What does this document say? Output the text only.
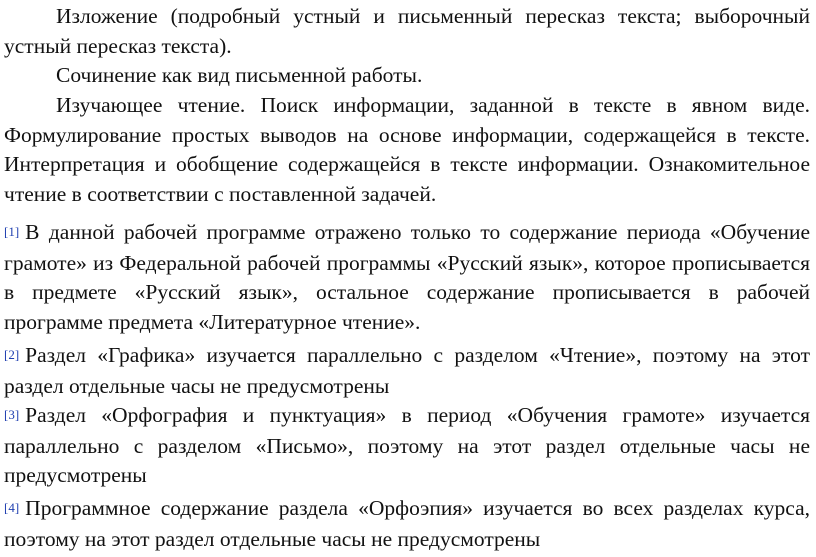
Изложение (подробный устный и письменный пересказ текста; выборочный устный пересказ текста).

Сочинение как вид письменной работы.

Изучающее чтение. Поиск информации, заданной в тексте в явном виде. Формулирование простых выводов на основе информации, содержащейся в тексте. Интерпретация и обобщение содержащейся в тексте информации. Ознакомительное чтение в соответствии с поставленной задачей.

[1] В данной рабочей программе отражено только то содержание периода «Обучение грамоте» из Федеральной рабочей программы «Русский язык», которое прописывается в предмете «Русский язык», остальное содержание прописывается в рабочей программе предмета «Литературное чтение».

[2] Раздел «Графика» изучается параллельно с разделом «Чтение», поэтому на этот раздел отдельные часы не предусмотрены

[3] Раздел «Орфография и пунктуация» в период «Обучения грамоте» изучается параллельно с разделом «Письмо», поэтому на этот раздел отдельные часы не предусмотрены

[4] Программное содержание раздела «Орфоэпия» изучается во всех разделах курса, поэтому на этот раздел отдельные часы не предусмотрены
